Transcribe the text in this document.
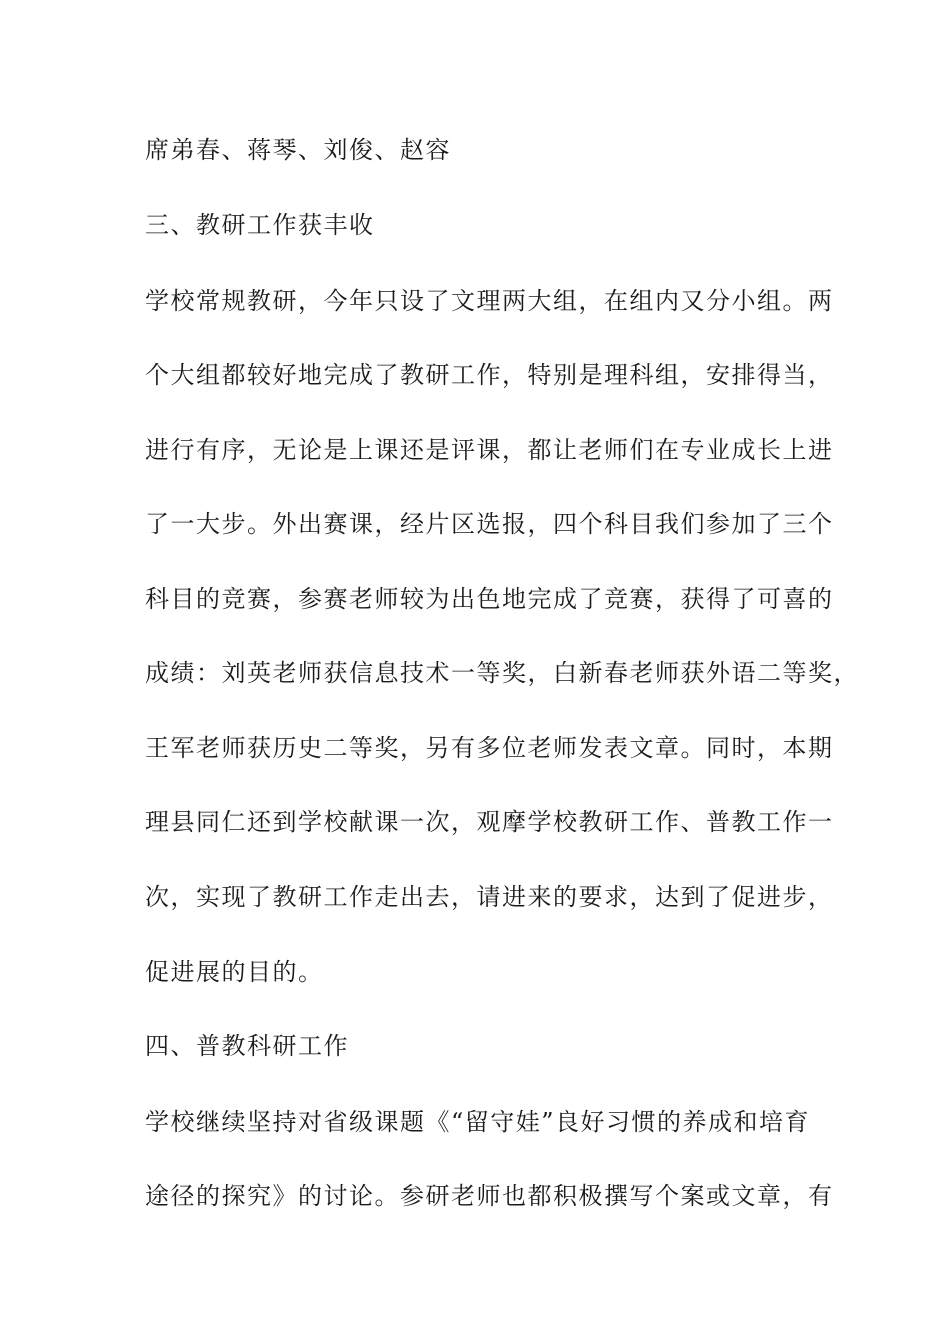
席弟春、蒋琴、刘俊、赵容
三、教研工作获丰收
学校常规教研，今年只设了文理两大组，在组内又分小组。两
个大组都较好地完成了教研工作，特别是理科组，安排得当，
进行有序，无论是上课还是评课，都让老师们在专业成长上进
了一大步。外出赛课，经片区选报，四个科目我们参加了三个
科目的竞赛，参赛老师较为出色地完成了竞赛，获得了可喜的
成绩：刘英老师获信息技术一等奖，白新春老师获外语二等奖，
王军老师获历史二等奖，另有多位老师发表文章。同时，本期
理县同仁还到学校献课一次，观摩学校教研工作、普教工作一
次，实现了教研工作走出去，请进来的要求，达到了促进步，
促进展的目的。
四、普教科研工作
学校继续坚持对省级课题《“留守娃”良好习惯的养成和培育
途径的探究》的讨论。参研老师也都积极撰写个案或文章，有
